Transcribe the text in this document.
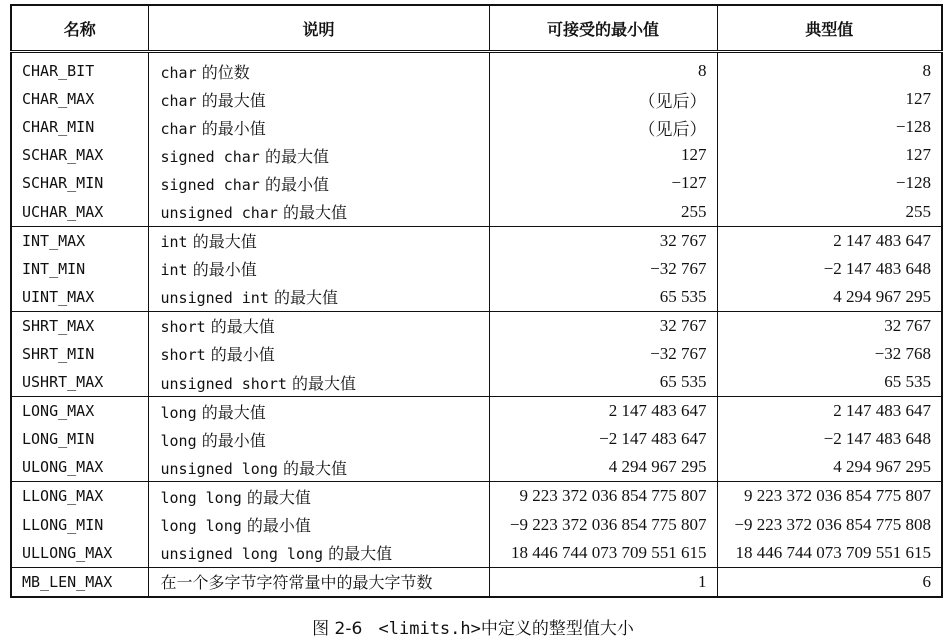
名称	说明	可接受的最小值	典型值
CHAR_BIT	char 的位数	8	8
CHAR_MAX	char 的最大值	（见后）	127
CHAR_MIN	char 的最小值	（见后）	−128
SCHAR_MAX	signed char 的最大值	127	127
SCHAR_MIN	signed char 的最小值	−127	−128
UCHAR_MAX	unsigned char 的最大值	255	255
INT_MAX	int 的最大值	32 767	2 147 483 647
INT_MIN	int 的最小值	−32 767	−2 147 483 648
UINT_MAX	unsigned int 的最大值	65 535	4 294 967 295
SHRT_MAX	short 的最大值	32 767	32 767
SHRT_MIN	short 的最小值	−32 767	−32 768
USHRT_MAX	unsigned short 的最大值	65 535	65 535
LONG_MAX	long 的最大值	2 147 483 647	2 147 483 647
LONG_MIN	long 的最小值	−2 147 483 647	−2 147 483 648
ULONG_MAX	unsigned long 的最大值	4 294 967 295	4 294 967 295
LLONG_MAX	long long 的最大值	9 223 372 036 854 775 807	9 223 372 036 854 775 807
LLONG_MIN	long long 的最小值	−9 223 372 036 854 775 807	−9 223 372 036 854 775 808
ULLONG_MAX	unsigned long long 的最大值	18 446 744 073 709 551 615	18 446 744 073 709 551 615
MB_LEN_MAX	在一个多字节字符常量中的最大字节数	1	6
图 2-6 <limits.h>中定义的整型值大小
